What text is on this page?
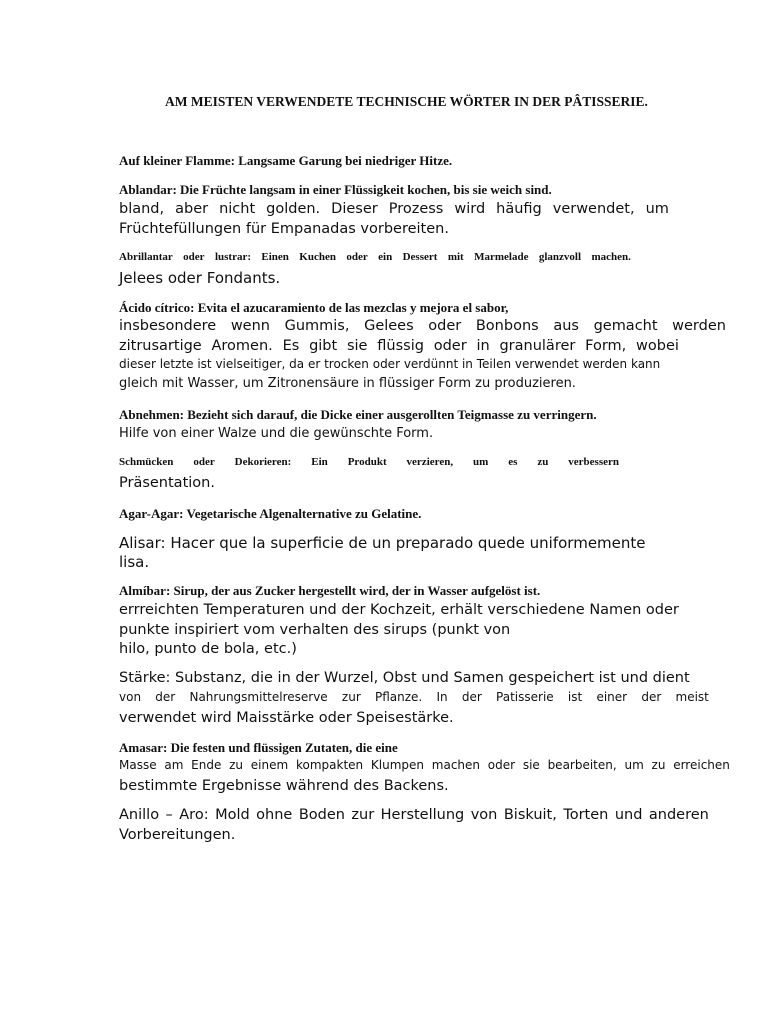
AM MEISTEN VERWENDETE TECHNISCHE WÖRTER IN DER PÂTISSERIE.
Auf kleiner Flamme: Langsame Garung bei niedriger Hitze.
Ablandar: Die Früchte langsam in einer Flüssigkeit kochen, bis sie weich sind.
bland, aber nicht golden. Dieser Prozess wird häufig verwendet, um
Früchtefüllungen für Empanadas vorbereiten.
Abrillantar oder lustrar: Einen Kuchen oder ein Dessert mit Marmelade glanzvoll machen.
Jelees oder Fondants.
Ácido cítrico: Evita el azucaramiento de las mezclas y mejora el sabor,
insbesondere wenn Gummis, Gelees oder Bonbons aus gemacht werden
zitrusartige Aromen. Es gibt sie flüssig oder in granulärer Form, wobei
dieser letzte ist vielseitiger, da er trocken oder verdünnt in Teilen verwendet werden kann
gleich mit Wasser, um Zitronensäure in flüssiger Form zu produzieren.
Abnehmen: Bezieht sich darauf, die Dicke einer ausgerollten Teigmasse zu verringern.
Hilfe von einer Walze und die gewünschte Form.
Schmücken oder Dekorieren: Ein Produkt verzieren, um es zu verbessern
Präsentation.
Agar-Agar: Vegetarische Algenalternative zu Gelatine.
Alisar: Hacer que la superficie de un preparado quede uniformemente
lisa.
Almíbar: Sirup, der aus Zucker hergestellt wird, der in Wasser aufgelöst ist.
errreichten Temperaturen und der Kochzeit, erhält verschiedene Namen oder
punkte inspiriert vom verhalten des sirups (punkt von
hilo, punto de bola, etc.)
Stärke: Substanz, die in der Wurzel, Obst und Samen gespeichert ist und dient
von der Nahrungsmittelreserve zur Pflanze. In der Patisserie ist einer der meist
verwendet wird Maisstärke oder Speisestärke.
Amasar: Die festen und flüssigen Zutaten, die eine
Masse am Ende zu einem kompakten Klumpen machen oder sie bearbeiten, um zu erreichen
bestimmte Ergebnisse während des Backens.
Anillo – Aro: Mold ohne Boden zur Herstellung von Biskuit, Torten und anderen
Vorbereitungen.
